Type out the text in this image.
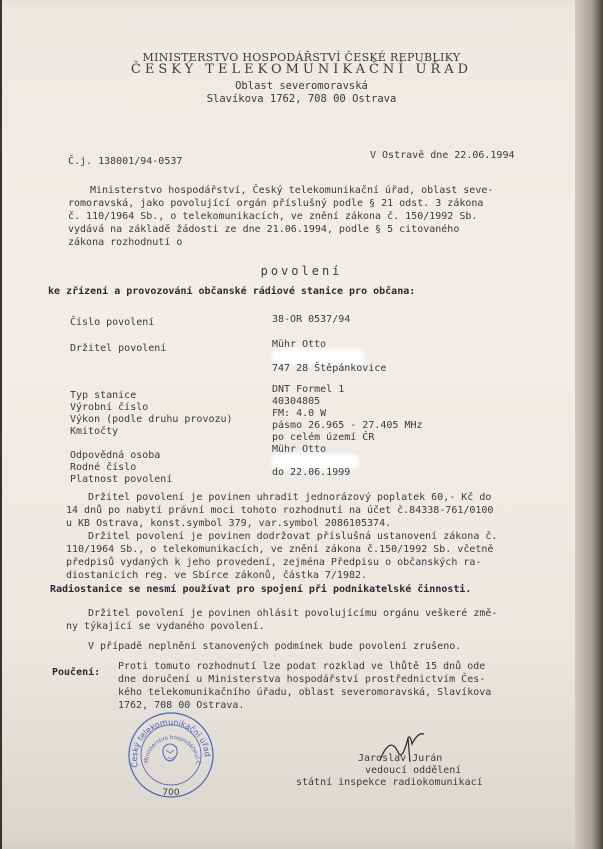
MINISTERSTVO HOSPODÁŘSTVÍ ČESKÉ REPUBLIKY
ČESKÝ TELEKOMUNIKAČNÍ ÚŘAD
Oblast severomoravská
Slavíkova 1762, 708 00 Ostrava
Č.j. 138001/94-0537
V Ostravě dne 22.06.1994
Ministerstvo hospodářství, Český telekomunikační úřad, oblast seve-
romoravská, jako povolující orgán příslušný podle § 21 odst. 3 zákona
č. 110/1964 Sb., o telekomunikacích, ve znění zákona č. 150/1992 Sb.
vydává na základě žádosti ze dne 21.06.1994, podle § 5 citovaného
zákona rozhodnutí o
povolení
ke zřízení a provozování občanské rádiové stanice pro občana:
Číslo povolení	38-OR 0537/94
Držitel povolení	Mühr Otto
747 28 Štěpánkovice
Typ stanice
DNT Formel 1
Výrobní číslo
40304805
Výkon (podle druhu provozu)
FM: 4.0 W
Kmitočty
pásmo 26.965 - 27.405 MHz
po celém území ČR
Odpovědná osoba
Mühr Otto
Rodné číslo
Platnost povolení
do 22.06.1999
Držitel povolení je povinen uhradit jednorázový poplatek 60,- Kč do
14 dnů po nabytí právní moci tohoto rozhodnutí na účet č.84338-761/0100
u KB Ostrava, konst.symbol 379, var.symbol 2086105374.
Držitel povolení je povinen dodržovat příslušná ustanovení zákona č.
110/1964 Sb., o telekomunikacích, ve znění zákona č.150/1992 Sb. včetně
předpisů vydaných k jeho provedení, zejména Předpisu o občanských ra-
diostanicích reg. ve Sbírce zákonů, částka 7/1982.
Radiostanice se nesmí používat pro spojení při podnikatelské činnosti.
Držitel povolení je povinen ohlásit povolujícímu orgánu veškeré změ-
ny týkající se vydaného povolení.
V případě neplnění stanovených podmínek bude povolení zrušeno.
Poučení:
Proti tomuto rozhodnutí lze podat rozklad ve lhůtě 15 dnů ode
dne doručení u Ministerstva hospodářství prostřednictvím Čes-
kého telekomunikačního úřadu, oblast severomoravská, Slavíkova
1762, 708 00 Ostrava.
Český telekomunikační úřad
Ministerstvo hospodářství Č
700
Jaroslav Jurán
vedoucí oddělení
státní inspekce radiokomunikací
